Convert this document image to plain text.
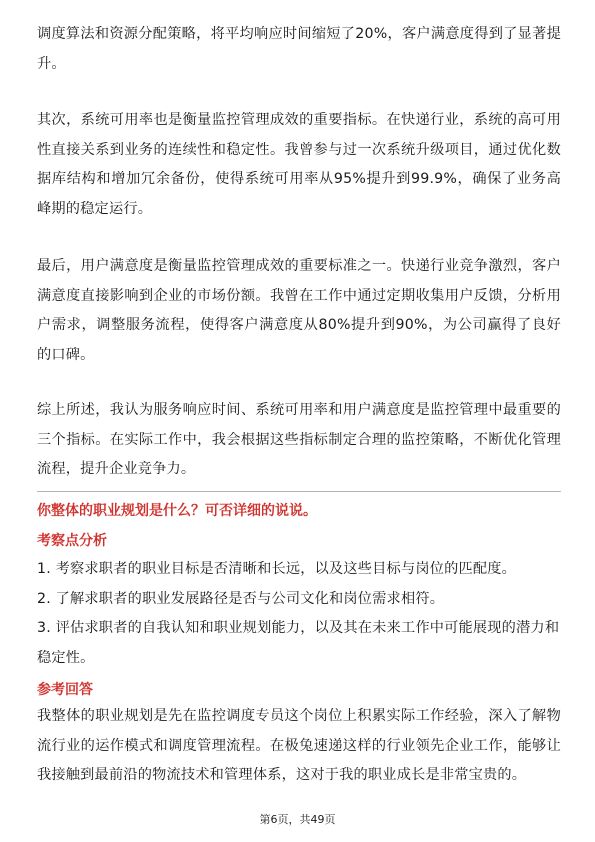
调度算法和资源分配策略，将平均响应时间缩短了20%，客户满意度得到了显著提升。

其次，系统可用率也是衡量监控管理成效的重要指标。在快递行业，系统的高可用性直接关系到业务的连续性和稳定性。我曾参与过一次系统升级项目，通过优化数据库结构和增加冗余备份，使得系统可用率从95%提升到99.9%，确保了业务高峰期的稳定运行。

最后，用户满意度是衡量监控管理成效的重要标准之一。快递行业竞争激烈，客户满意度直接影响到企业的市场份额。我曾在工作中通过定期收集用户反馈，分析用户需求，调整服务流程，使得客户满意度从80%提升到90%，为公司赢得了良好的口碑。

综上所述，我认为服务响应时间、系统可用率和用户满意度是监控管理中最重要的三个指标。在实际工作中，我会根据这些指标制定合理的监控策略，不断优化管理流程，提升企业竞争力。

你整体的职业规划是什么？可否详细的说说。
考察点分析
1. 考察求职者的职业目标是否清晰和长远，以及这些目标与岗位的匹配度。
2. 了解求职者的职业发展路径是否与公司文化和岗位需求相符。
3. 评估求职者的自我认知和职业规划能力，以及其在未来工作中可能展现的潜力和稳定性。
参考回答

我整体的职业规划是先在监控调度专员这个岗位上积累实际工作经验，深入了解物流行业的运作模式和调度管理流程。在极兔速递这样的行业领先企业工作，能够让我接触到最前沿的物流技术和管理体系，这对于我的职业成长是非常宝贵的。

第6页，共49页
